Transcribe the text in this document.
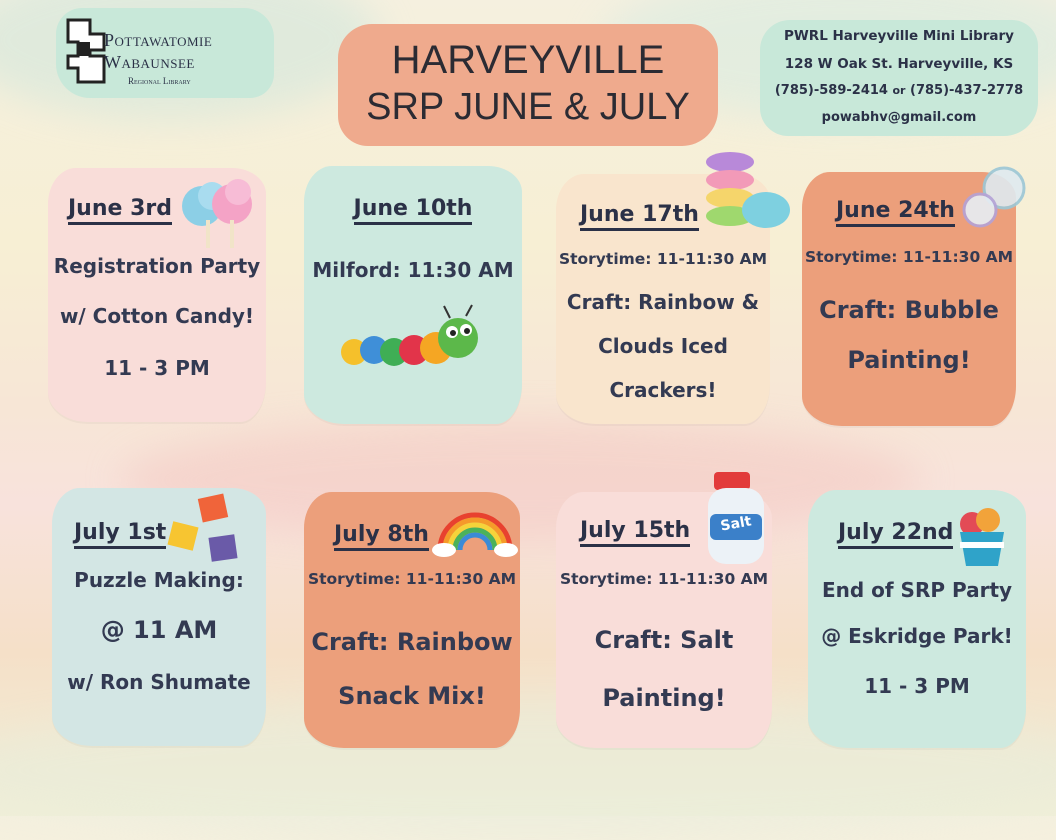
Pottawatomie
Wabaunsee
Regional Library	HARVEYVILLE
SRP JUNE & JULY
PWRL Harveyville Mini Library
128 W Oak St. Harveyville, KS
(785)-589-2414 or (785)-437-2778
powabhv@gmail.com
June 3rd
Registration Party
w/ Cotton Candy!
11 - 3 PM
June 10th
Milford: 11:30 AM
June 17th
Storytime: 11-11:30 AM
Craft: Rainbow &
Clouds Iced
Crackers!
June 24th
Storytime: 11-11:30 AM
Craft: Bubble
Painting!
July 1st
Puzzle Making:
@ 11 AM
w/ Ron Shumate
July 8th
Storytime: 11-11:30 AM
Craft: Rainbow
Snack Mix!
July 15th	Salt
Storytime: 11-11:30 AM
Craft: Salt
Painting!
July 22nd
End of SRP Party
@ Eskridge Park!
11 - 3 PM
